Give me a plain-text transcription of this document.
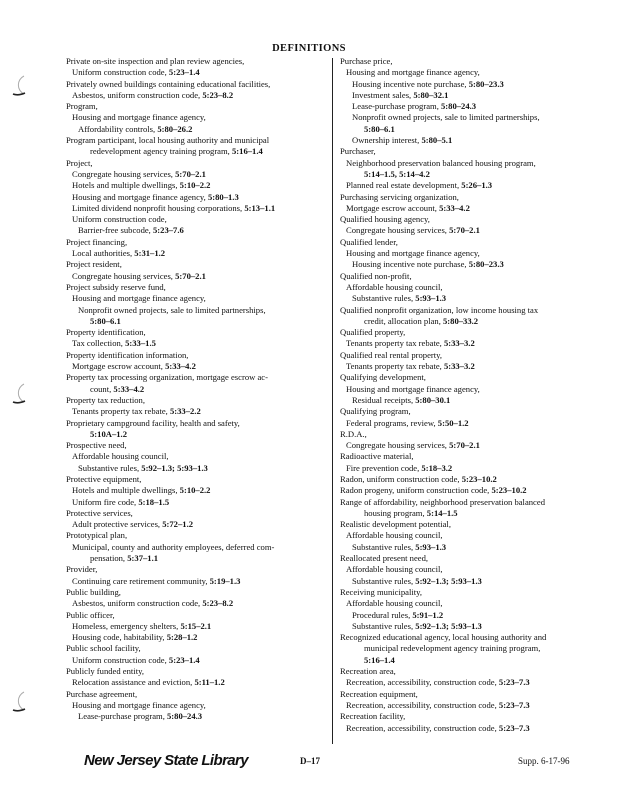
DEFINITIONS
Private on-site inspection and plan review agencies,
Uniform construction code, 5:23–1.4
Privately owned buildings containing educational facilities,
Asbestos, uniform construction code, 5:23–8.2
Program,
Housing and mortgage finance agency,
Affordability controls, 5:80–26.2
Program participant, local housing authority and municipal
redevelopment agency training program, 5:16–1.4
Project,
Congregate housing services, 5:70–2.1
Hotels and multiple dwellings, 5:10–2.2
Housing and mortgage finance agency, 5:80–1.3
Limited dividend nonprofit housing corporations, 5:13–1.1
Uniform construction code,
Barrier-free subcode, 5:23–7.6
Project financing,
Local authorities, 5:31–1.2
Project resident,
Congregate housing services, 5:70–2.1
Project subsidy reserve fund,
Housing and mortgage finance agency,
Nonprofit owned projects, sale to limited partnerships,
5:80–6.1
Property identification,
Tax collection, 5:33–1.5
Property identification information,
Mortgage escrow account, 5:33–4.2
Property tax processing organization, mortgage escrow ac-
count, 5:33–4.2
Property tax reduction,
Tenants property tax rebate, 5:33–2.2
Proprietary campground facility, health and safety,
5:10A–1.2
Prospective need,
Affordable housing council,
Substantive rules, 5:92–1.3; 5:93–1.3
Protective equipment,
Hotels and multiple dwellings, 5:10–2.2
Uniform fire code, 5:18–1.5
Protective services,
Adult protective services, 5:72–1.2
Prototypical plan,
Municipal, county and authority employees, deferred com-
pensation, 5:37–1.1
Provider,
Continuing care retirement community, 5:19–1.3
Public building,
Asbestos, uniform construction code, 5:23–8.2
Public officer,
Homeless, emergency shelters, 5:15–2.1
Housing code, habitability, 5:28–1.2
Public school facility,
Uniform construction code, 5:23–1.4
Publicly funded entity,
Relocation assistance and eviction, 5:11–1.2
Purchase agreement,
Housing and mortgage finance agency,
Lease-purchase program, 5:80–24.3
Purchase price,
Housing and mortgage finance agency,
Housing incentive note purchase, 5:80–23.3
Investment sales, 5:80–32.1
Lease-purchase program, 5:80–24.3
Nonprofit owned projects, sale to limited partnerships,
5:80–6.1
Ownership interest, 5:80–5.1
Purchaser,
Neighborhood preservation balanced housing program,
5:14–1.5, 5:14–4.2
Planned real estate development, 5:26–1.3
Purchasing servicing organization,
Mortgage escrow account, 5:33–4.2
Qualified housing agency,
Congregate housing services, 5:70–2.1
Qualified lender,
Housing and mortgage finance agency,
Housing incentive note purchase, 5:80–23.3
Qualified non-profit,
Affordable housing council,
Substantive rules, 5:93–1.3
Qualified nonprofit organization, low income housing tax
credit, allocation plan, 5:80–33.2
Qualified property,
Tenants property tax rebate, 5:33–3.2
Qualified real rental property,
Tenants property tax rebate, 5:33–3.2
Qualifying development,
Housing and mortgage finance agency,
Residual receipts, 5:80–30.1
Qualifying program,
Federal programs, review, 5:50–1.2
R.D.A.,
Congregate housing services, 5:70–2.1
Radioactive material,
Fire prevention code, 5:18–3.2
Radon, uniform construction code, 5:23–10.2
Radon progeny, uniform construction code, 5:23–10.2
Range of affordability, neighborhood preservation balanced
housing program, 5:14–1.5
Realistic development potential,
Affordable housing council,
Substantive rules, 5:93–1.3
Reallocated present need,
Affordable housing council,
Substantive rules, 5:92–1.3; 5:93–1.3
Receiving municipality,
Affordable housing council,
Procedural rules, 5:91–1.2
Substantive rules, 5:92–1.3; 5:93–1.3
Recognized educational agency, local housing authority and
municipal redevelopment agency training program,
5:16–1.4
Recreation area,
Recreation, accessibility, construction code, 5:23–7.3
Recreation equipment,
Recreation, accessibility, construction code, 5:23–7.3
Recreation facility,
Recreation, accessibility, construction code, 5:23–7.3
New Jersey State Library	D–17	Supp. 6-17-96
